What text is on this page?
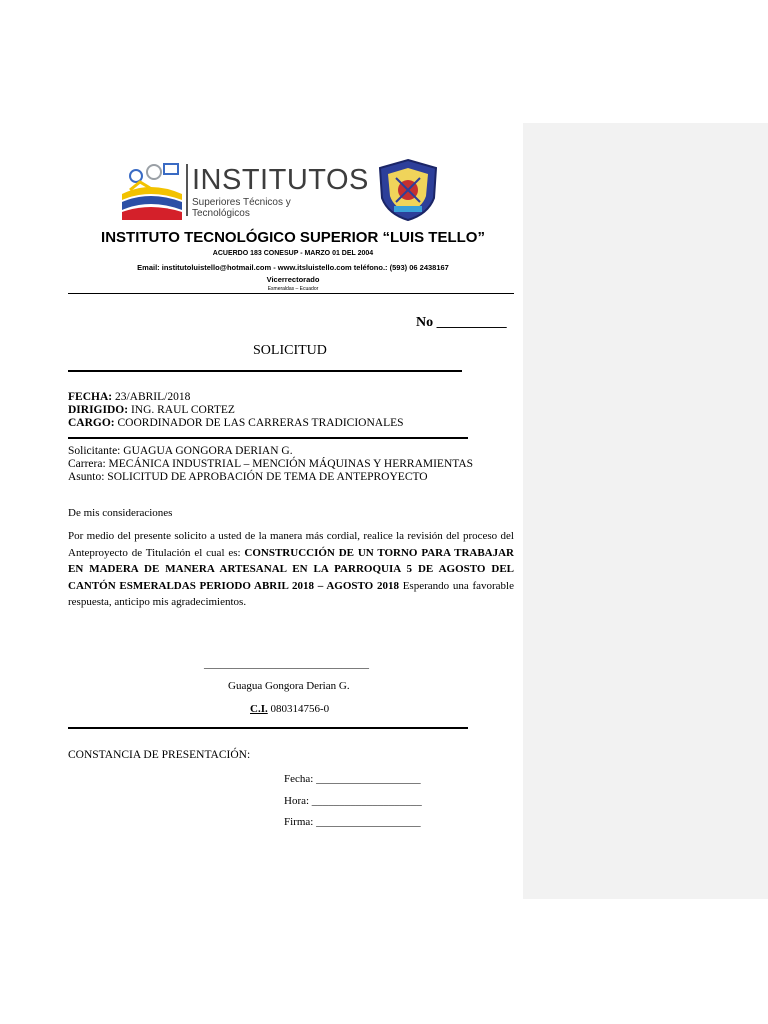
INSTITUTOS
Superiores Técnicos y Tecnológicos
INSTITUTO TECNOLÓGICO SUPERIOR “LUIS TELLO”
ACUERDO 183 CONESUP - MARZO 01 DEL 2004
Email: institutoluistello@hotmail.com - www.itsluistello.com teléfono.: (593) 06 2438167
Vicerrectorado
Esmeraldas – Ecuador
No __________
SOLICITUD
FECHA: 23/ABRIL/2018
DIRIGIDO: ING. RAUL CORTEZ
CARGO: COORDINADOR DE LAS CARRERAS TRADICIONALES
Solicitante: GUAGUA GONGORA DERIAN G.
Carrera: MECÁNICA INDUSTRIAL – MENCIÓN MÁQUINAS Y HERRAMIENTAS
Asunto: SOLICITUD DE APROBACIÓN DE TEMA DE ANTEPROYECTO
De mis consideraciones

Por medio del presente solicito a usted de la manera más cordial, realice la revisión del proceso del Anteproyecto de Titulación el cual es: CONSTRUCCIÓN DE UN TORNO PARA TRABAJAR EN MADERA DE MANERA ARTESANAL EN LA PARROQUIA 5 DE AGOSTO DEL CANTÓN ESMERALDAS PERIODO ABRIL 2018 – AGOSTO 2018 Esperando una favorable respuesta, anticipo mis agradecimientos.

______________________________
Guagua Gongora Derian G.
C.I. 080314756-0
CONSTANCIA DE PRESENTACIÓN:
Fecha: ___________________
Hora: ____________________
Firma: ___________________
